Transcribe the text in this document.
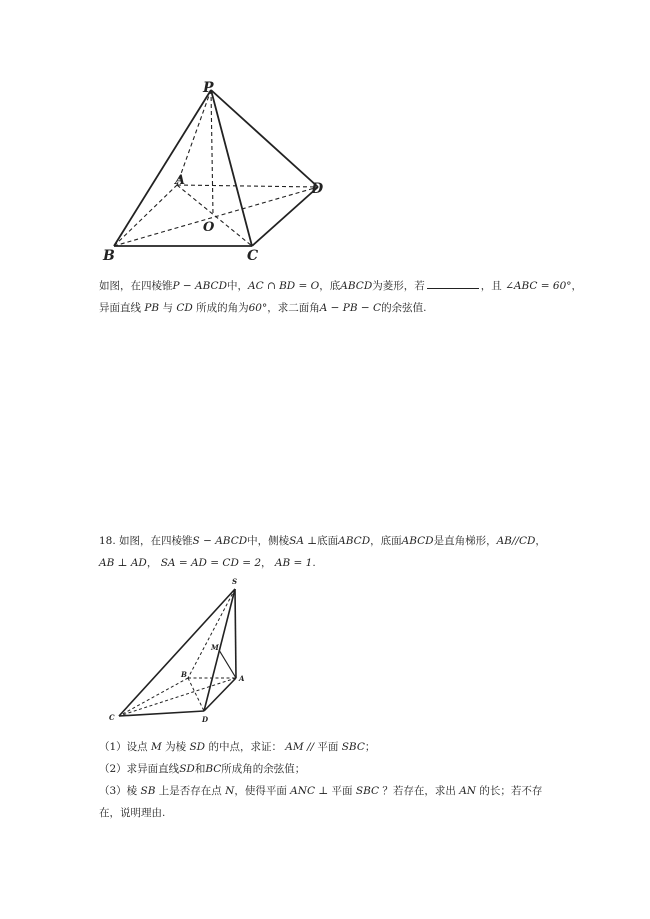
P
A
D
O
B	C
如图，在四棱锥P − ABCD中，AC ∩ BD = O，底ABCD为菱形，若	，且 ∠ABC = 60°，
异面直线 PB 与 CD 所成的角为60°，求二面角A − PB − C的余弦值.
18. 如图，在四棱锥S − ABCD中，侧棱SA ⊥底面ABCD，底面ABCD是直角梯形，AB//CD，
AB ⊥ AD， SA = AD = CD = 2， AB = 1.
S
M
B	A
C	D
（1）设点 M 为棱 SD 的中点，求证： AM // 平面 SBC；
（2）求异面直线SD和BC所成角的余弦值；
（3）棱 SB 上是否存在点 N，使得平面 ANC ⊥ 平面 SBC ？若存在，求出 AN 的长；若不存
在，说明理由.
